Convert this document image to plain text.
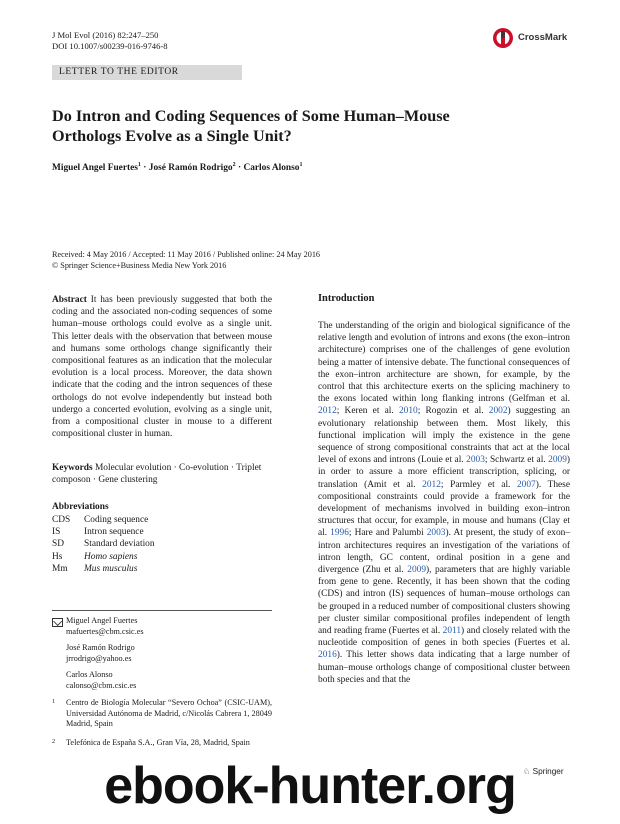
J Mol Evol (2016) 82:247–250
DOI 10.1007/s00239-016-9746-8
CrossMark
LETTER TO THE EDITOR
Do Intron and Coding Sequences of Some Human–Mouse
Orthologs Evolve as a Single Unit?
Miguel Angel Fuertes$^1$ · José Ramón Rodrigo$^2$ · Carlos Alonso$^1$
Received: 4 May 2016 / Accepted: 11 May 2016 / Published online: 24 May 2016
© Springer Science+Business Media New York 2016
Abstract It has been previously suggested that both the coding and the associated non-coding sequences of some human–mouse orthologs could evolve as a single unit. This letter deals with the observation that between mouse and humans some orthologs change significantly their compositional features as an indication that the molecular evolution is a local process. Moreover, the data shown indicate that the coding and the intron sequences of these orthologs do not evolve independently but instead both undergo a concerted evolution, evolving as a single unit, from a compositional cluster in mouse to a different compositional cluster in human.
Keywords Molecular evolution · Co-evolution · Triplet composon · Gene clustering
Abbreviations
CDS	Coding sequence
IS	Intron sequence
SD	Standard deviation
Hs	Homo sapiens
Mm	Mus musculus
Miguel Angel Fuertes
mafuertes@cbm.csic.es
José Ramón Rodrigo
jrrodrigo@yahoo.es
Carlos Alonso
calonso@cbm.csic.es
1 Centro de Biología Molecular “Severo Ochoa” (CSIC-UAM), Universidad Autónoma de Madrid, c/Nicolás Cabrera 1, 28049 Madrid, Spain
2 Telefónica de España S.A., Gran Vía, 28, Madrid, Spain
Introduction
The understanding of the origin and biological significance of the relative length and evolution of introns and exons (the exon–intron architecture) comprises one of the challenges of gene evolution being a matter of intensive debate. The functional consequences of the exon–intron architecture are shown, for example, by the control that this architecture exerts on the splicing machinery to the exons located within long flanking introns (Gelfman et al. 2012; Keren et al. 2010; Rogozin et al. 2002) suggesting an evolutionary relationship between them. Most likely, this functional implication will imply the existence in the gene sequence of strong compositional constraints that act at the local level of exons and introns (Louie et al. 2003; Schwartz et al. 2009) in order to assure a more efficient transcription, splicing, or translation (Amit et al. 2012; Parmley et al. 2007). These compositional constraints could provide a framework for the development of mechanisms involved in building exon–intron structures that occur, for example, in mouse and humans (Clay et al. 1996; Hare and Palumbi 2003). At present, the study of exon–intron architectures requires an investigation of the variations of intron length, GC content, ordinal position in a gene and divergence (Zhu et al. 2009), parameters that are highly variable from gene to gene. Recently, it has been shown that the coding (CDS) and intron (IS) sequences of human–mouse orthologs can be grouped in a reduced number of compositional clusters showing per cluster similar compositional profiles independent of length and reading frame (Fuertes et al. 2011) and closely related with the nucleotide composition of genes in both species (Fuertes et al. 2016). This letter shows data indicating that a large number of human–mouse orthologs change of compositional cluster between both species and that the
♘ Springer
ebook-hunter.org
